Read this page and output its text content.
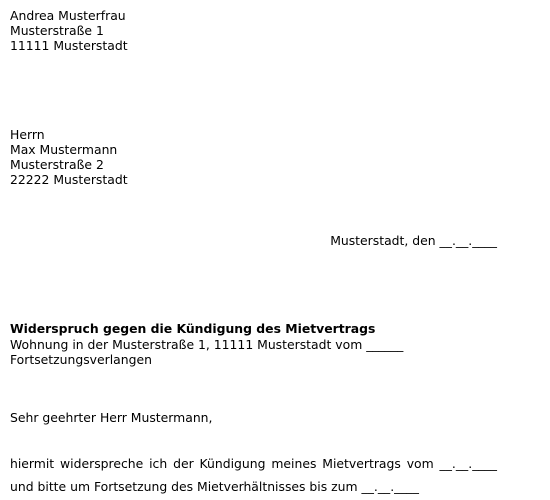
Andrea Musterfrau
Musterstraße 1
11111 Musterstadt
Herrn
Max Mustermann
Musterstraße 2
22222 Musterstadt
Musterstadt, den __.__.____
Widerspruch gegen die Kündigung des Mietvertrags
Wohnung in der Musterstraße 1, 11111 Musterstadt vom ______
Fortsetzungsverlangen
Sehr geehrter Herr Mustermann,
hiermit widerspreche ich der Kündigung meines Mietvertrags vom __.__.____
und bitte um Fortsetzung des Mietverhältnisses bis zum __.__.____
